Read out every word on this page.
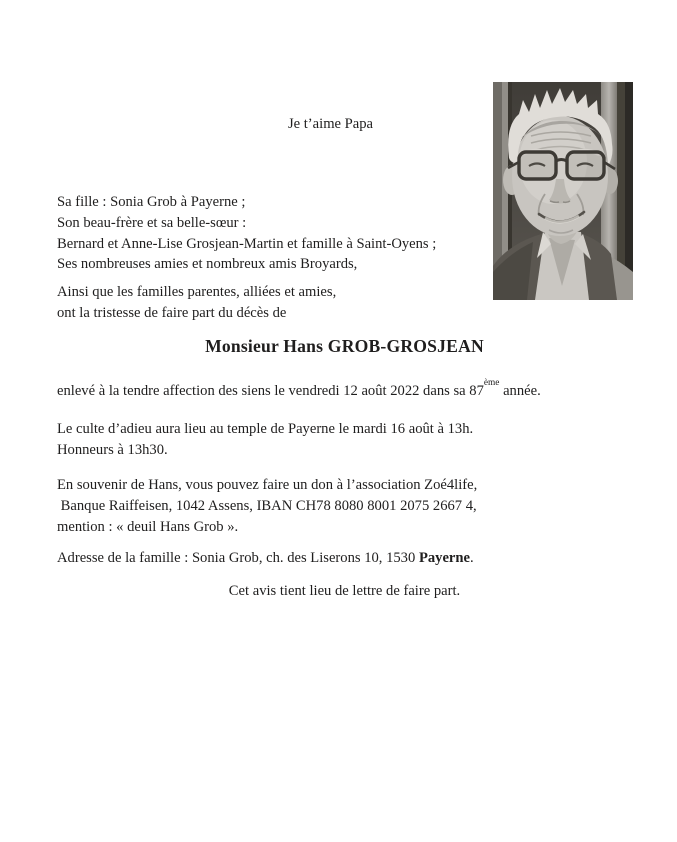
Je t’aime Papa
Sa fille : Sonia Grob à Payerne ;
Son beau-frère et sa belle-sœur :
Bernard et Anne-Lise Grosjean-Martin et famille à Saint-Oyens ;
Ses nombreuses amies et nombreux amis Broyards,
Ainsi que les familles parentes, alliées et amies,
ont la tristesse de faire part du décès de
Monsieur Hans GROB-GROSJEAN

enlevé à la tendre affection des siens le vendredi 12 août 2022 dans sa 87ème année.

Le culte d’adieu aura lieu au temple de Payerne le mardi 16 août à 13h.
Honneurs à 13h30.
En souvenir de Hans, vous pouvez faire un don à l’association Zoé4life,
Banque Raiffeisen, 1042 Assens, IBAN CH78 8080 8001 2075 2667 4,
mention : « deuil Hans Grob ».

Adresse de la famille : Sonia Grob, ch. des Liserons 10, 1530 Payerne.

Cet avis tient lieu de lettre de faire part.
